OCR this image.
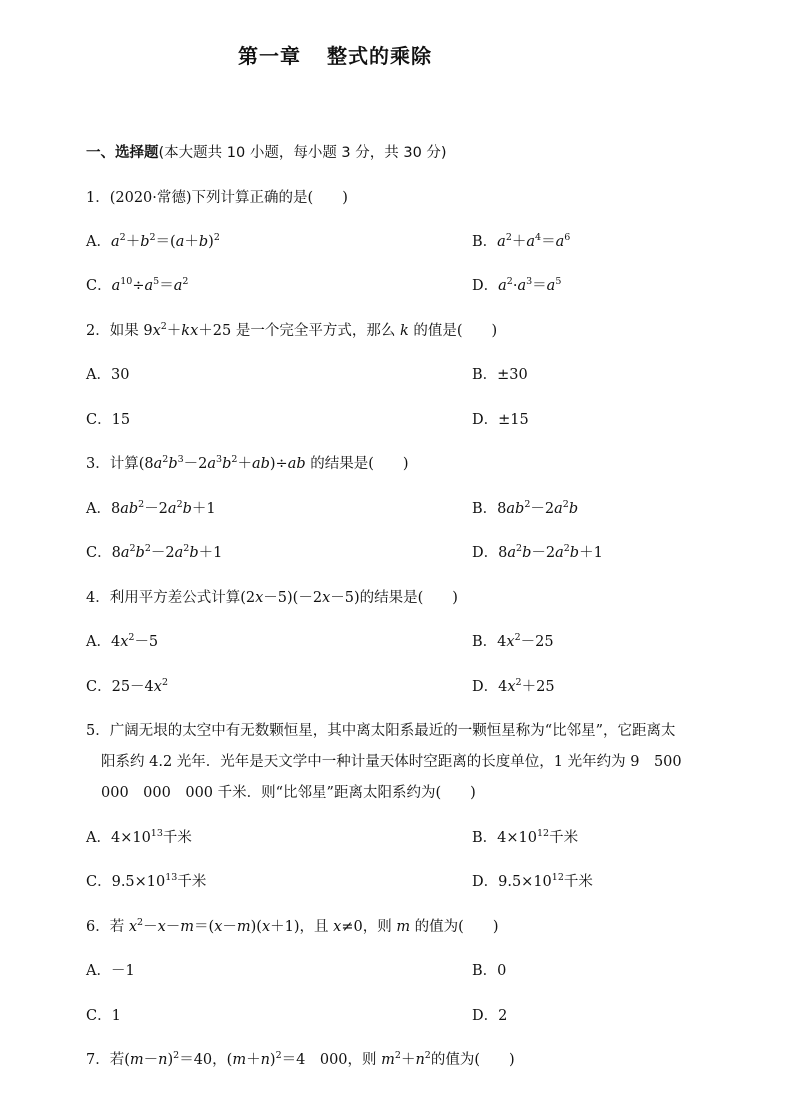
第一章 整式的乘除
一、选择题(本大题共 10 小题，每小题 3 分，共 30 分)
1．(2020·常德)下列计算正确的是(　　)
A．$a^2+b^2=(a+b)^2$	B．$a^2+a^4=a^6$
C．$a^{10}\div a^5=a^2$	D．$a^2\cdot a^3=a^5$
2．如果 $9x^2+kx+25$ 是一个完全平方式，那么 k 的值是(　　)
A．30	B．±30
C．15	D．±15
3．计算$(8a^2b^3-2a^3b^2+ab)\div ab$ 的结果是(　　)
A．$8ab^2-2a^2b+1$	B．$8ab^2-2a^2b$
C．$8a^2b^2-2a^2b+1$	D．$8a^2b-2a^2b+1$
4．利用平方差公式计算(2x－5)(－2x－5)的结果是(　　)
A．$4x^2-5$	B．$4x^2-25$
C．$25-4x^2$	D．$4x^2+25$
5．广阔无垠的太空中有无数颗恒星，其中离太阳系最近的一颗恒星称为“比邻星”，它距离太
阳系约 4.2 光年．光年是天文学中一种计量天体时空距离的长度单位，1 光年约为 9　500
000　000　000 千米．则“比邻星”距离太阳系约为(　　)
A．$4\times 10^{13}$千米	B．$4\times 10^{12}$千米
C．$9.5\times 10^{13}$千米	D．$9.5\times 10^{12}$千米
6．若 $x^2-x-m=(x-m)(x+1)$，且 x≠0，则 m 的值为(　　)
A．－1	B．0
C．1	D．2
7．若$(m-n)^2=40$，$(m+n)^2=4$　000，则 $m^2+n^2$的值为(　　)
